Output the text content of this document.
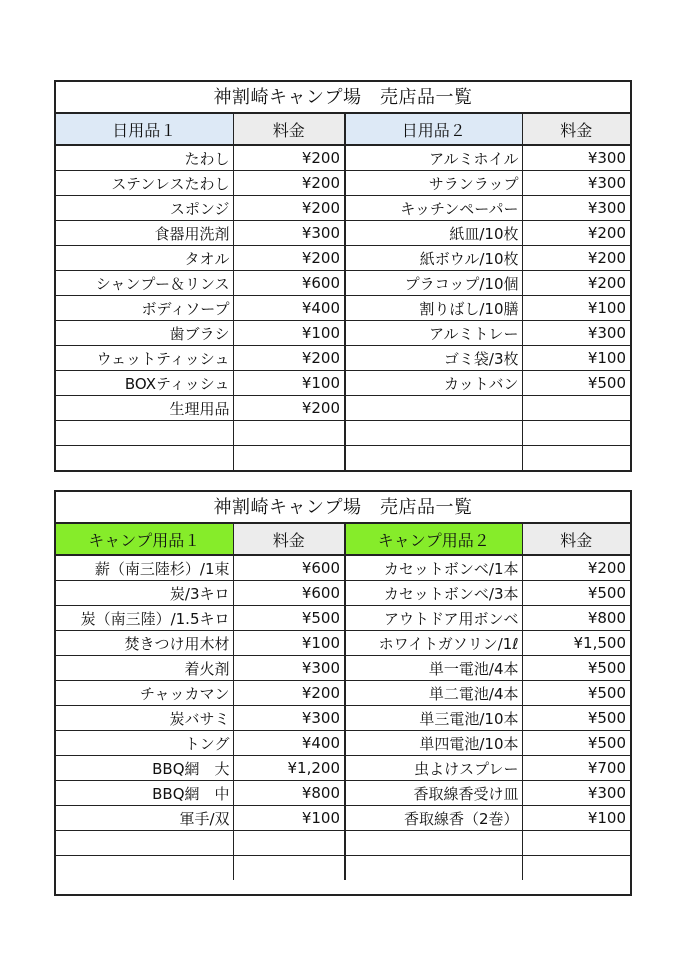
神割崎キャンプ場　売店品一覧
日用品１	料金	日用品２	料金
たわし	¥200	アルミホイル	¥300
ステンレスたわし	¥200	サランラップ	¥300
スポンジ	¥200	キッチンペーパー	¥300
食器用洗剤	¥300	紙皿/10枚	¥200
タオル	¥200	紙ボウル/10枚	¥200
シャンプー＆リンス	¥600	プラコップ/10個	¥200
ボディソープ	¥400	割りばし/10膳	¥100
歯ブラシ	¥100	アルミトレー	¥300
ウェットティッシュ	¥200	ゴミ袋/3枚	¥100
BOXティッシュ	¥100	カットバン	¥500
生理用品	¥200		

神割崎キャンプ場　売店品一覧
キャンプ用品１	料金	キャンプ用品２	料金
薪（南三陸杉）/1束	¥600	カセットボンベ/1本	¥200
炭/3キロ	¥600	カセットボンベ/3本	¥500
炭（南三陸）/1.5キロ	¥500	アウトドア用ボンベ	¥800
焚きつけ用木材	¥100	ホワイトガソリン/1ℓ	¥1,500
着火剤	¥300	単一電池/4本	¥500
チャッカマン	¥200	単二電池/4本	¥500
炭バサミ	¥300	単三電池/10本	¥500
トング	¥400	単四電池/10本	¥500
BBQ網　大	¥1,200	虫よけスプレー	¥700
BBQ網　中	¥800	香取線香受け皿	¥300
軍手/双	¥100	香取線香（2巻）	¥100
